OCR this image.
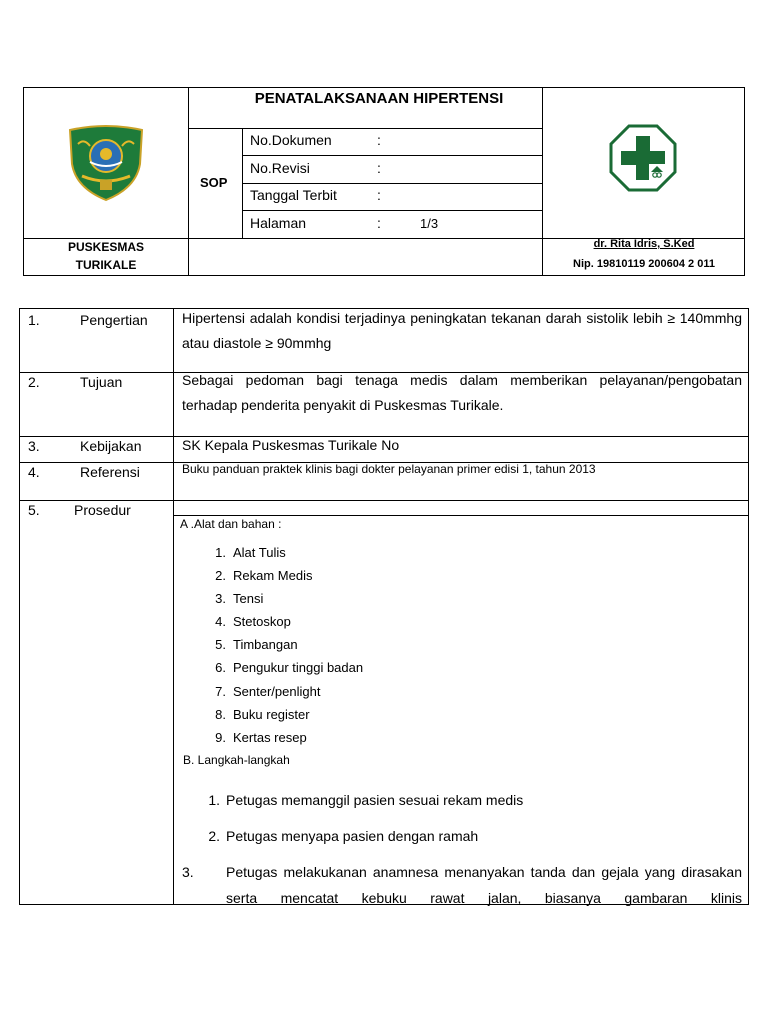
PENATALAKSANAAN HIPERTENSI
SOP
No.Dokumen	:
No.Revisi	:
Tanggal Terbit	:
Halaman	:	1/3
PUSKESMAS
TURIKALE
dr. Rita Idris, S.Ked
Nip. 19810119 200604 2 011
1.	Pengertian Hipertensi adalah kondisi terjadinya peningkatan tekanan darah sistolik lebih ≥ 140mmhg atau diastole ≥ 90mmhg
2.	Tujuan	Sebagai pedoman bagi tenaga medis dalam memberikan pelayanan/pengobatan terhadap penderita penyakit di Puskesmas Turikale.
3.	Kebijakan	SK Kepala Puskesmas Turikale No
4.	Referensi	Buku panduan praktek klinis bagi dokter pelayanan primer edisi 1, tahun 2013
5. Prosedur
A .Alat dan bahan :
1. Alat Tulis
2. Rekam Medis
3. Tensi
4. Stetoskop
5. Timbangan
6. Pengukur tinggi badan
7. Senter/penlight
8. Buku register
9. Kertas resep
B. Langkah-langkah
1. Petugas memanggil pasien sesuai rekam medis
2. Petugas menyapa pasien dengan ramah
3. Petugas melakukanan anamnesa menanyakan tanda dan gejala yang dirasakan serta mencatat kebuku rawat jalan, biasanya gambaran klinis
